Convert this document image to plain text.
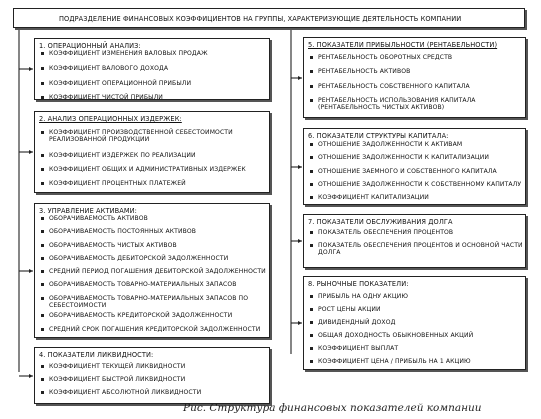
ПОДРАЗДЕЛЕНИЕ ФИНАНСОВЫХ КОЭФФИЦИЕНТОВ НА ГРУППЫ, ХАРАКТЕРИЗУЮЩИЕ ДЕЯТЕЛЬНОСТЬ КОМПАНИИ
1. ОПЕРАЦИОННЫЙ АНАЛИЗ:
КОЭФФИЦИЕНТ ИЗМЕНЕНИЯ ВАЛОВЫХ ПРОДАЖ
КОЭФФИЦИЕНТ ВАЛОВОГО ДОХОДА
КОЭФФИЦИЕНТ ОПЕРАЦИОННОЙ ПРИБЫЛИ
КОЭФФИЦИЕНТ ЧИСТОЙ ПРИБЫЛИ
2. АНАЛИЗ ОПЕРАЦИОННЫХ ИЗДЕРЖЕК:
КОЭФФИЦИЕНТ ПРОИЗВОДСТВЕННОЙ СЕБЕСТОИМОСТИ
РЕАЛИЗОВАННОЙ ПРОДУКЦИИ
КОЭФФИЦИЕНТ ИЗДЕРЖЕК ПО РЕАЛИЗАЦИИ
КОЭФФИЦИЕНТ ОБЩИХ И АДМИНИСТРАТИВНЫХ ИЗДЕРЖЕК
КОЭФФИЦИЕНТ ПРОЦЕНТНЫХ ПЛАТЕЖЕЙ
3. УПРАВЛЕНИЕ АКТИВАМИ:
ОБОРАЧИВАЕМОСТЬ АКТИВОВ
ОБОРАЧИВАЕМОСТЬ ПОСТОЯННЫХ АКТИВОВ
ОБОРАЧИВАЕМОСТЬ ЧИСТЫХ АКТИВОВ
ОБОРАЧИВАЕМОСТЬ ДЕБИТОРСКОЙ ЗАДОЛЖЕННОСТИ
СРЕДНИЙ ПЕРИОД ПОГАШЕНИЯ ДЕБИТОРСКОЙ ЗАДОЛЖЕННОСТИ
ОБОРАЧИВАЕМОСТЬ ТОВАРНО-МАТЕРИАЛЬНЫХ ЗАПАСОВ
ОБОРАЧИВАЕМОСТЬ ТОВАРНО-МАТЕРИАЛЬНЫХ ЗАПАСОВ ПО
СЕБЕСТОИМОСТИ
ОБОРАЧИВАЕМОСТЬ КРЕДИТОРСКОЙ ЗАДОЛЖЕННОСТИ
СРЕДНИЙ СРОК ПОГАШЕНИЯ КРЕДИТОРСКОЙ ЗАДОЛЖЕННОСТИ
4. ПОКАЗАТЕЛИ ЛИКВИДНОСТИ:
КОЭФФИЦИЕНТ ТЕКУЩЕЙ ЛИКВИДНОСТИ
КОЭФФИЦИЕНТ БЫСТРОЙ ЛИКВИДНОСТИ
КОЭФФИЦИЕНТ АБСОЛЮТНОЙ ЛИКВИДНОСТИ
5. ПОКАЗАТЕЛИ ПРИБЫЛЬНОСТИ (РЕНТАБЕЛЬНОСТИ)
РЕНТАБЕЛЬНОСТЬ ОБОРОТНЫХ СРЕДСТВ
РЕНТАБЕЛЬНОСТЬ АКТИВОВ
РЕНТАБЕЛЬНОСТЬ СОБСТВЕННОГО КАПИТАЛА
РЕНТАБЕЛЬНОСТЬ ИСПОЛЬЗОВАНИЯ КАПИТАЛА
(РЕНТАБЕЛЬНОСТЬ ЧИСТЫХ АКТИВОВ)
6. ПОКАЗАТЕЛИ СТРУКТУРЫ КАПИТАЛА:
ОТНОШЕНИЕ ЗАДОЛЖЕННОСТИ К АКТИВАМ
ОТНОШЕНИЕ ЗАДОЛЖЕННОСТИ К КАПИТАЛИЗАЦИИ
ОТНОШЕНИЕ ЗАЕМНОГО И СОБСТВЕННОГО КАПИТАЛА
ОТНОШЕНИЕ ЗАДОЛЖЕННОСТИ К СОБСТВЕННОМУ КАПИТАЛУ
КОЭФФИЦИЕНТ КАПИТАЛИЗАЦИИ
7. ПОКАЗАТЕЛИ ОБСЛУЖИВАНИЯ ДОЛГА
ПОКАЗАТЕЛЬ ОБЕСПЕЧЕНИЯ ПРОЦЕНТОВ
ПОКАЗАТЕЛЬ ОБЕСПЕЧЕНИЯ ПРОЦЕНТОВ И ОСНОВНОЙ ЧАСТИ
ДОЛГА
8. РЫНОЧНЫЕ ПОКАЗАТЕЛИ:
ПРИБЫЛЬ НА ОДНУ АКЦИЮ
РОСТ ЦЕНЫ АКЦИИ
ДИВИДЕНДНЫЙ ДОХОД
ОБЩАЯ ДОХОДНОСТЬ ОБЫКНОВЕННЫХ АКЦИЙ
КОЭФФИЦИЕНТ ВЫПЛАТ
КОЭФФИЦИЕНТ ЦЕНА / ПРИБЫЛЬ НА 1 АКЦИЮ
Рис. Структура финансовых показателей компании
